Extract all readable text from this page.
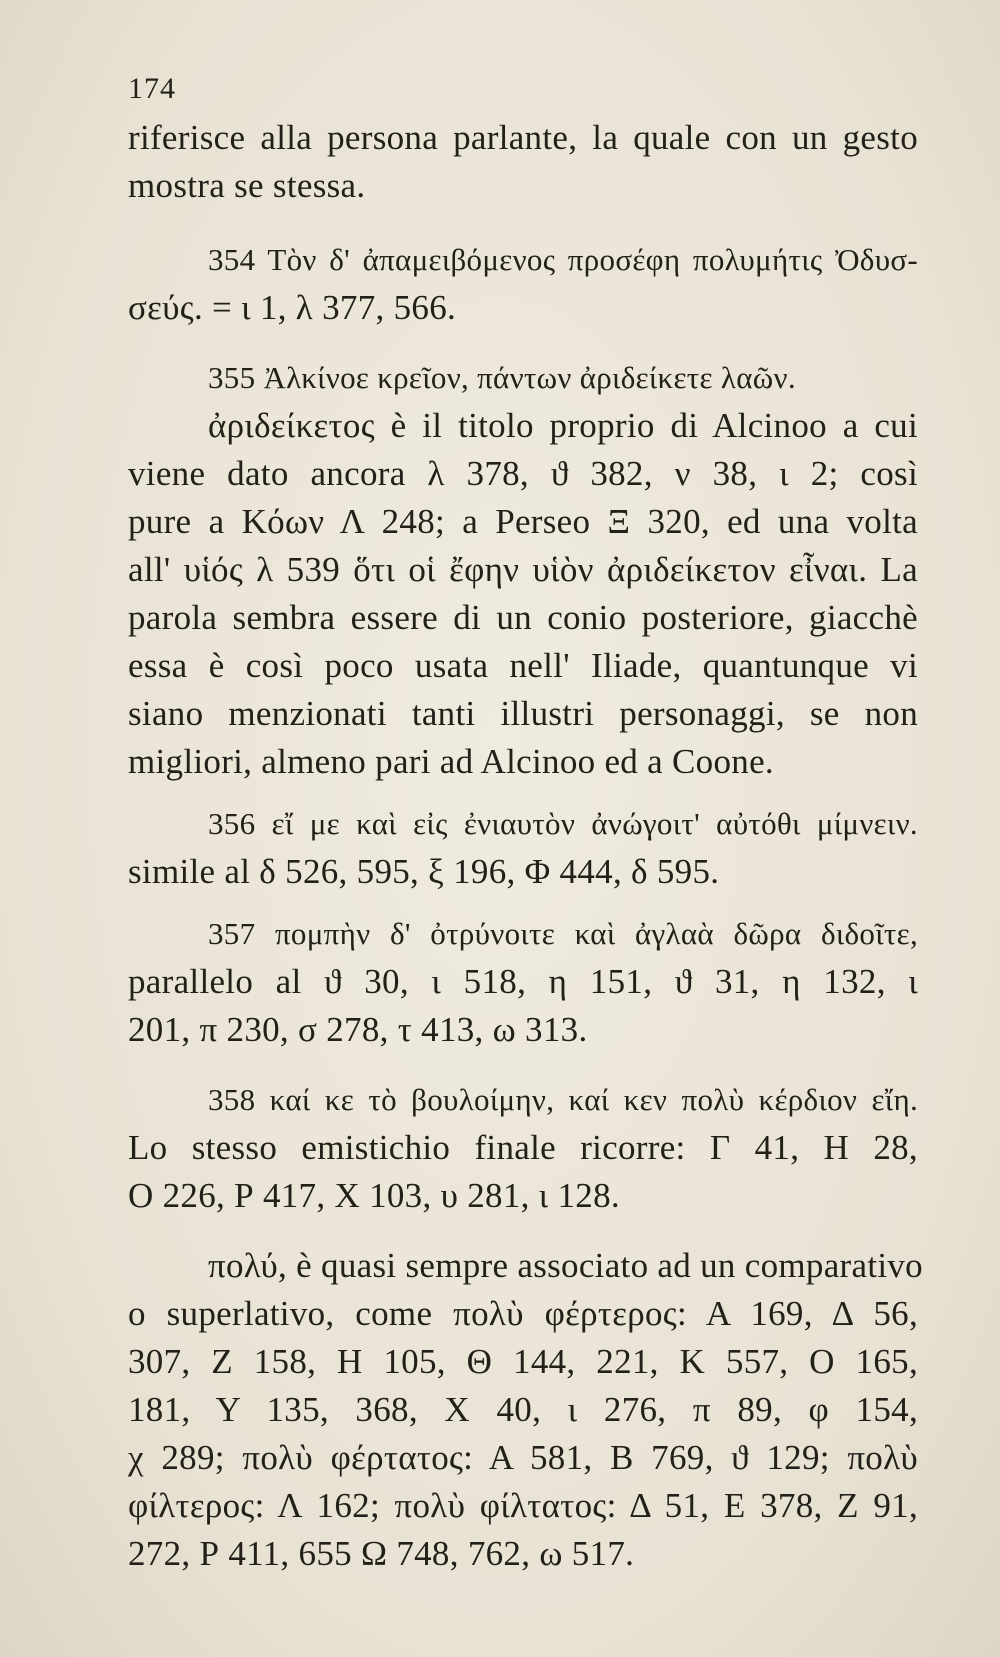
174
riferisce alla persona parlante, la quale con un gesto
mostra se stessa.
354 Τὸν δ' ἀπαμειβόμενος προσέφη πολυμήτις Ὀδυσ-
σεύς. = ι 1, λ 377, 566.
355 Ἀλκίνοε κρεῖον, πάντων ἀριδείκετε λαῶν.
ἀριδείκετος è il titolo proprio di Alcinoo a cui
viene dato ancora λ 378, ϑ 382, ν 38, ι 2; così
pure a Κόων Λ 248; a Perseo Ξ 320, ed una volta
all' υἱός λ 539 ὅτι οἱ ἔφην υἱὸν ἀριδείκετον εἶναι. La
parola sembra essere di un conio posteriore, giacchè
essa è così poco usata nell' Iliade, quantunque vi
siano menzionati tanti illustri personaggi, se non
migliori, almeno pari ad Alcinoo ed a Coone.
356 εἴ με καὶ εἰς ἐνιαυτὸν ἀνώγοιτ' αὐτόθι μίμνειν.
simile al δ 526, 595, ξ 196, Φ 444, δ 595.
357 πομπὴν δ' ὀτρύνοιτε καὶ ἀγλαὰ δῶρα διδοῖτε,
parallelo al ϑ 30, ι 518, η 151, ϑ 31, η 132, ι
201, π 230, σ 278, τ 413, ω 313.
358 καί κε τὸ βουλοίμην, καί κεν πολὺ κέρδιον εἴη.
Lo stesso emistichio finale ricorre: Γ 41, Η 28,
Ο 226, Ρ 417, Χ 103, υ 281, ι 128.
πολύ, è quasi sempre associato ad un comparativo
o superlativo, come πολὺ φέρτερος: Α 169, Δ 56,
307, Ζ 158, Η 105, Θ 144, 221, Κ 557, Ο 165,
181, Υ 135, 368, Χ 40, ι 276, π 89, φ 154,
χ 289; πολὺ φέρτατος: Α 581, Β 769, ϑ 129; πολὺ
φίλτερος: Λ 162; πολὺ φίλτατος: Δ 51, Ε 378, Ζ 91,
272, Ρ 411, 655 Ω 748, 762, ω 517.
